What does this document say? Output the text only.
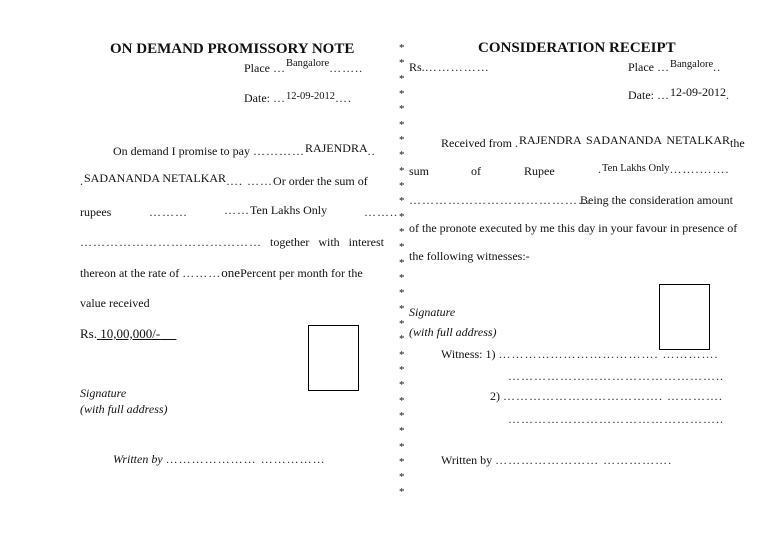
ON DEMAND PROMISSORY NOTE
Place …Bangalore……..
Date: …12-09-2012….
On demand I promise to pay …………RAJENDRA..
.SADANANDA NETALKAR…. ……Or order the sum of
rupees	………	……Ten Lakhs Only	……..
…………………………………… together with interest
thereon at the rate of ………onePercent per month for the
value received
Rs. 10,00,000/-
Signature
(with full address)
Written by ………………… ……………
*
*
*
*
*
*
*
*
*
*
*
*
*
*
*
*
*
*
*
*
*
*
*
*
*
*
*
*
*
*
CONSIDERATION RECEIPT
Rs.……………	Place …Bangalore..
Date: …12-09-2012.
Received from .RAJENDRA SADANANDA NETALKARthe
sum	of	Rupee	.Ten Lakhs Only…….…….
……………………………………
Being the consideration amount
of the pronote executed by me this day in your favour in presence of
the following witnesses:-
Signature
(with full address)
Witness: 1) ………………………………. ………….
…………………………………………..
2) ………………………………. ………….
…………………………………………..
Written by …………………… …………….
